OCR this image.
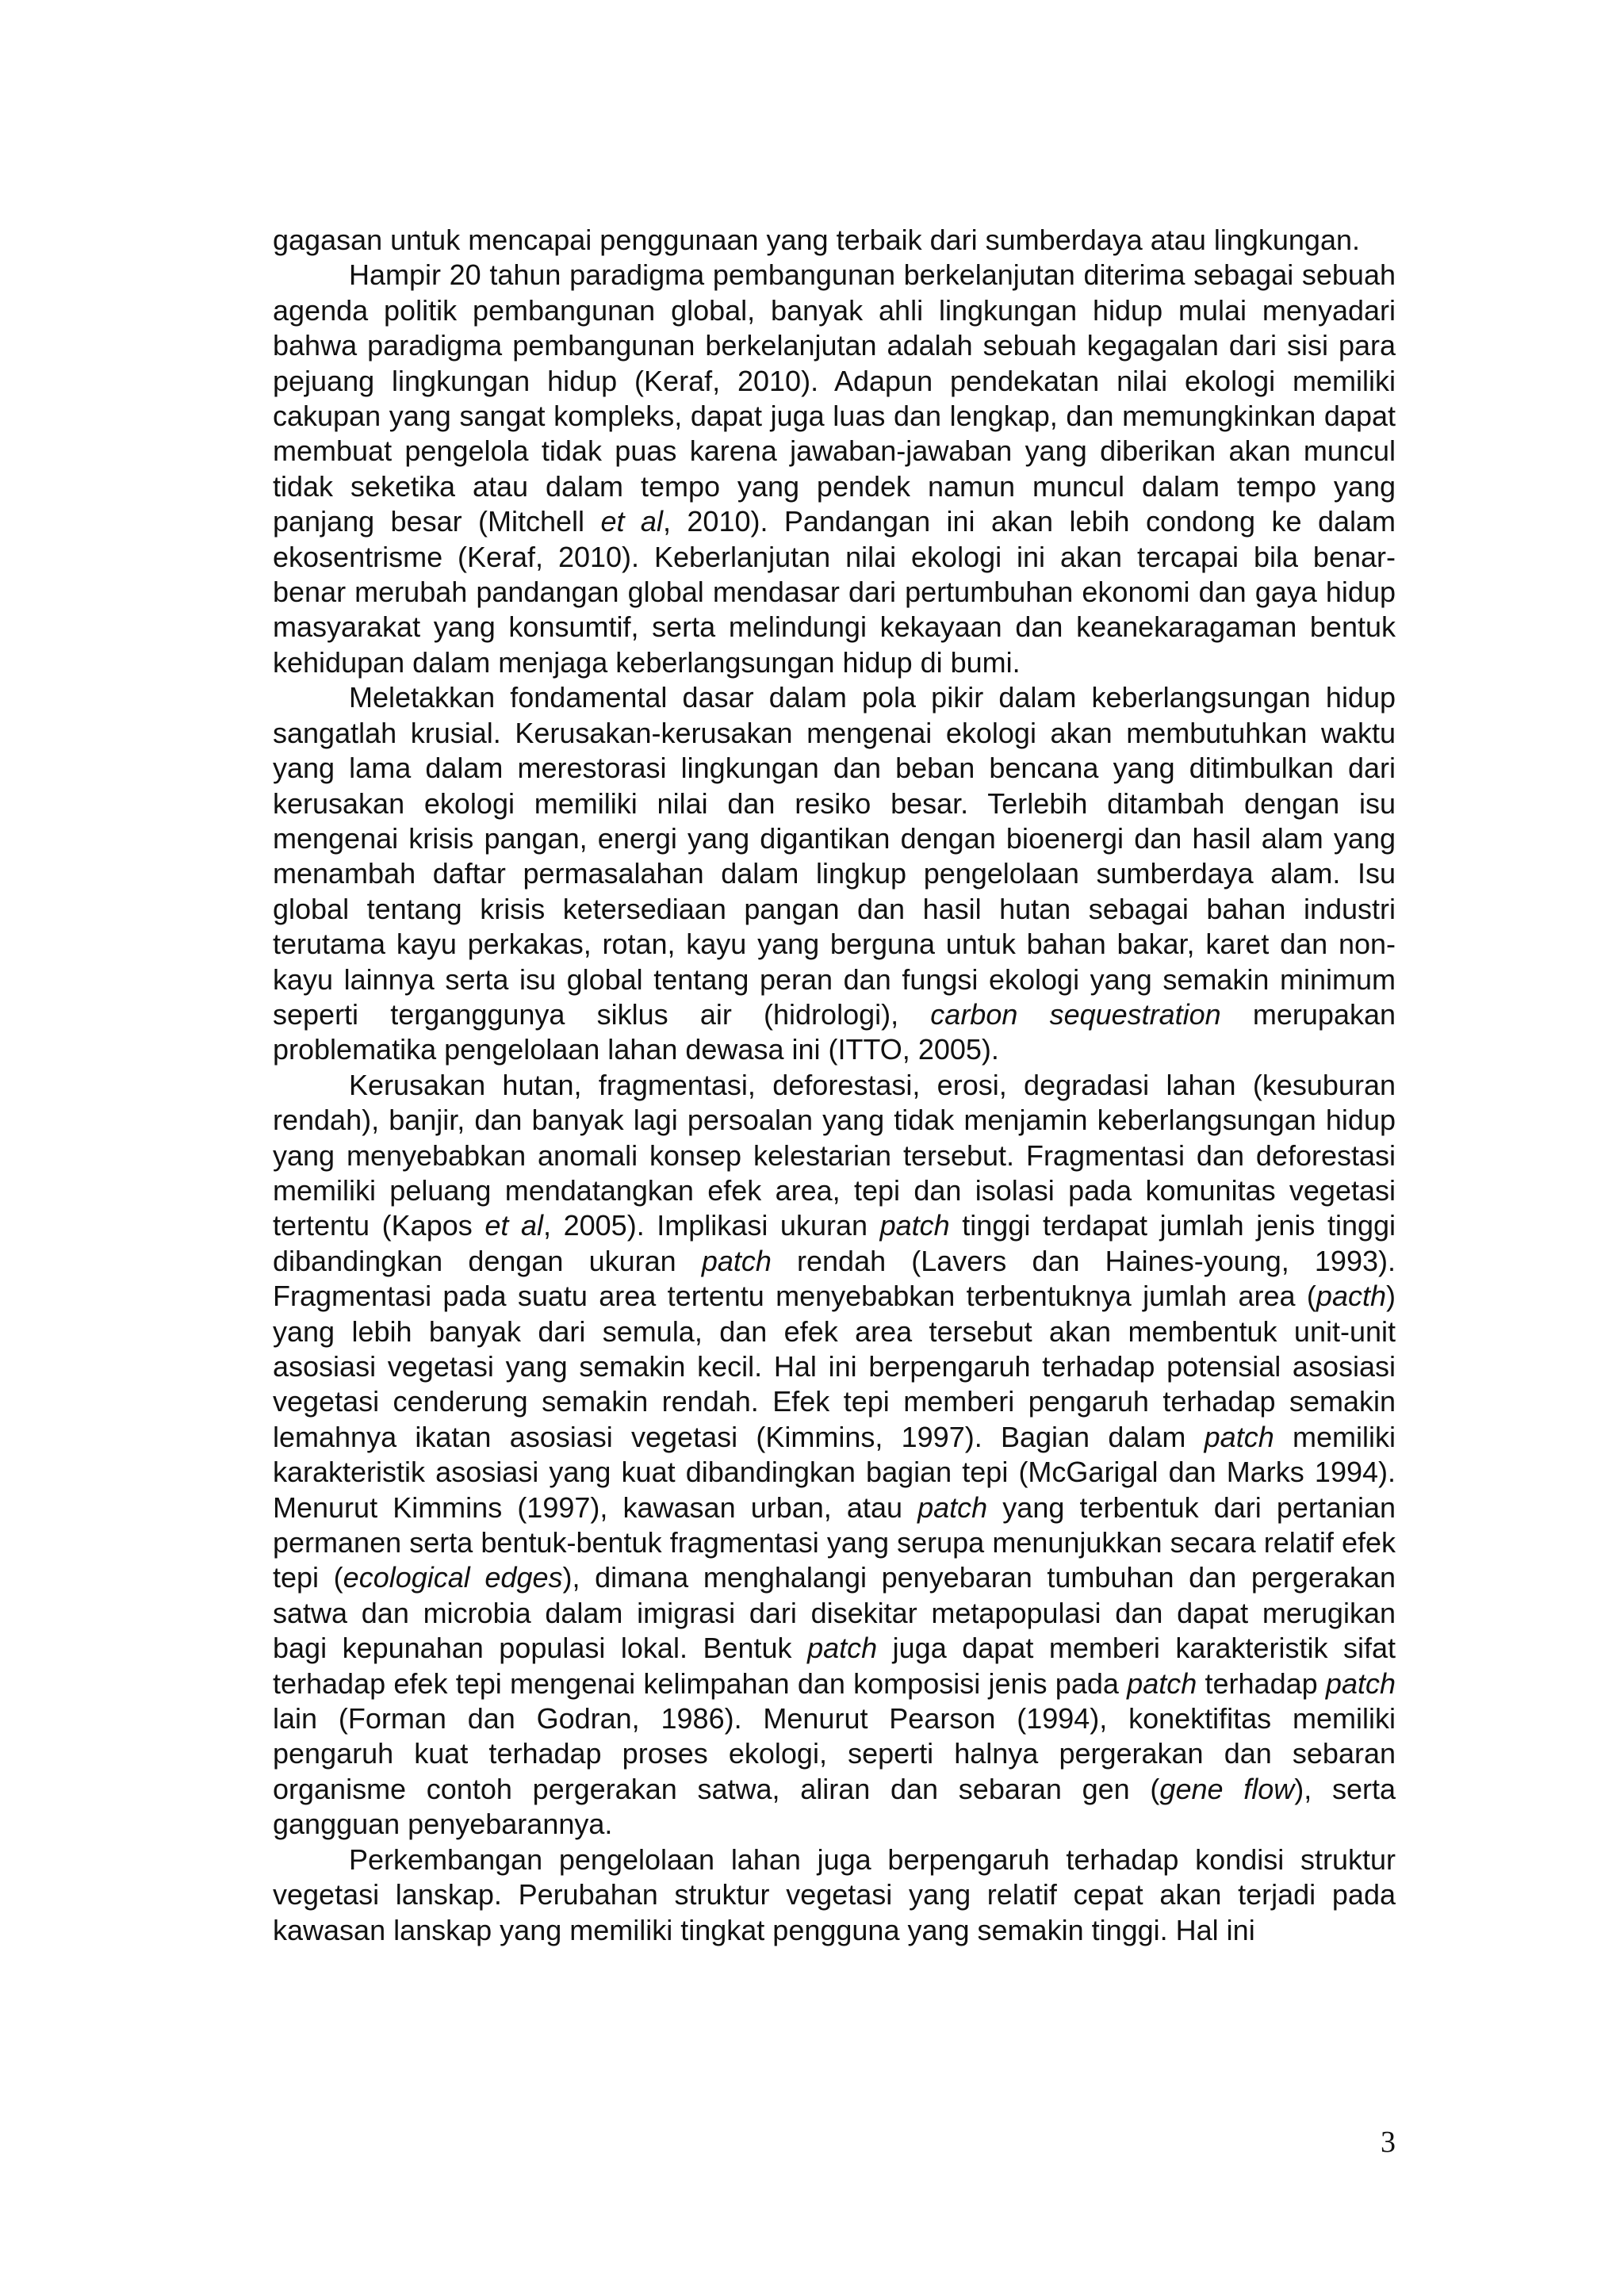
gagasan untuk mencapai penggunaan yang terbaik dari sumberdaya atau lingkungan.

Hampir 20 tahun paradigma pembangunan berkelanjutan diterima sebagai sebuah agenda politik pembangunan global, banyak ahli lingkungan hidup mulai menyadari bahwa paradigma pembangunan berkelanjutan adalah sebuah kegagalan dari sisi para pejuang lingkungan hidup (Keraf, 2010). Adapun pendekatan nilai ekologi memiliki cakupan yang sangat kompleks, dapat juga luas dan lengkap, dan memungkinkan dapat membuat pengelola tidak puas karena jawaban-jawaban yang diberikan akan muncul tidak seketika atau dalam tempo yang pendek namun muncul dalam tempo yang panjang besar (Mitchell et al, 2010). Pandangan ini akan lebih condong ke dalam ekosentrisme (Keraf, 2010). Keberlanjutan nilai ekologi ini akan tercapai bila benar-benar merubah pandangan global mendasar dari pertumbuhan ekonomi dan gaya hidup masyarakat yang konsumtif, serta melindungi kekayaan dan keanekaragaman bentuk kehidupan dalam menjaga keberlangsungan hidup di bumi.

Meletakkan fondamental dasar dalam pola pikir dalam keberlangsungan hidup sangatlah krusial. Kerusakan-kerusakan mengenai ekologi akan membutuhkan waktu yang lama dalam merestorasi lingkungan dan beban bencana yang ditimbulkan dari kerusakan ekologi memiliki nilai dan resiko besar. Terlebih ditambah dengan isu mengenai krisis pangan, energi yang digantikan dengan bioenergi dan hasil alam yang menambah daftar permasalahan dalam lingkup pengelolaan sumberdaya alam. Isu global tentang krisis ketersediaan pangan dan hasil hutan sebagai bahan industri terutama kayu perkakas, rotan, kayu yang berguna untuk bahan bakar, karet dan non-kayu lainnya serta isu global tentang peran dan fungsi ekologi yang semakin minimum seperti terganggunya siklus air (hidrologi), carbon sequestration merupakan problematika pengelolaan lahan dewasa ini (ITTO, 2005).

Kerusakan hutan, fragmentasi, deforestasi, erosi, degradasi lahan (kesuburan rendah), banjir, dan banyak lagi persoalan yang tidak menjamin keberlangsungan hidup yang menyebabkan anomali konsep kelestarian tersebut. Fragmentasi dan deforestasi memiliki peluang mendatangkan efek area, tepi dan isolasi pada komunitas vegetasi tertentu (Kapos et al, 2005). Implikasi ukuran patch tinggi terdapat jumlah jenis tinggi dibandingkan dengan ukuran patch rendah (Lavers dan Haines-young, 1993). Fragmentasi pada suatu area tertentu menyebabkan terbentuknya jumlah area (pacth) yang lebih banyak dari semula, dan efek area tersebut akan membentuk unit-unit asosiasi vegetasi yang semakin kecil. Hal ini berpengaruh terhadap potensial asosiasi vegetasi cenderung semakin rendah. Efek tepi memberi pengaruh terhadap semakin lemahnya ikatan asosiasi vegetasi (Kimmins, 1997). Bagian dalam patch memiliki karakteristik asosiasi yang kuat dibandingkan bagian tepi (McGarigal dan Marks 1994). Menurut Kimmins (1997), kawasan urban, atau patch yang terbentuk dari pertanian permanen serta bentuk-bentuk fragmentasi yang serupa menunjukkan secara relatif efek tepi (ecological edges), dimana menghalangi penyebaran tumbuhan dan pergerakan satwa dan microbia dalam imigrasi dari disekitar metapopulasi dan dapat merugikan bagi kepunahan populasi lokal. Bentuk patch juga dapat memberi karakteristik sifat terhadap efek tepi mengenai kelimpahan dan komposisi jenis pada patch terhadap patch lain (Forman dan Godran, 1986). Menurut Pearson (1994), konektifitas memiliki pengaruh kuat terhadap proses ekologi, seperti halnya pergerakan dan sebaran organisme contoh pergerakan satwa, aliran dan sebaran gen (gene flow), serta gangguan penyebarannya.

Perkembangan pengelolaan lahan juga berpengaruh terhadap kondisi struktur vegetasi lanskap. Perubahan struktur vegetasi yang relatif cepat akan terjadi pada kawasan lanskap yang memiliki tingkat pengguna yang semakin tinggi. Hal ini

3
